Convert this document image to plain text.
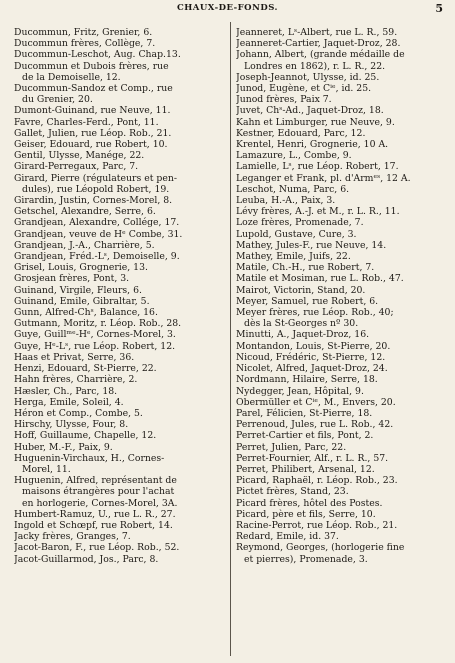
CHAUX-DE-FONDS.	5
Ducommun, Fritz, Grenier, 6.
Ducommun frères, Collège, 7.
Ducommun-Leschot, Aug. Chap.13.
Ducommun et Dubois frères, rue
de la Demoiselle, 12.
Ducommun-Sandoz et Comp., rue
du Grenier, 20.
Dumont-Guinand, rue Neuve, 11.
Favre, Charles-Ferd., Pont, 11.
Gallet, Julien, rue Léop. Rob., 21.
Geiser, Edouard, rue Robert, 10.
Gentil, Ulysse, Manége, 22.
Girard-Perregaux, Parc, 7.
Girard, Pierre (régulateurs et pen-
dules), rue Léopold Robert, 19.
Girardin, Justin, Cornes-Morel, 8.
Getschel, Alexandre, Serre, 6.
Grandjean, Alexandre, Collége, 17.
Grandjean, veuve de Hᵉ Combe, 31.
Grandjean, J.-A., Charrière, 5.
Grandjean, Fréd.-Lˢ, Demoiselle, 9.
Grisel, Louis, Grognerie, 13.
Grosjean frères, Pont, 3.
Guinand, Virgile, Fleurs, 6.
Guinand, Emile, Gibraltar, 5.
Gunn, Alfred-Chˢ, Balance, 16.
Gutmann, Moritz, r. Léop. Rob., 28.
Guye, Guillᵐᵉ-Hᵉ, Cornes-Morel, 3.
Guye, Hᵉ-Lˢ, rue Léop. Robert, 12.
Haas et Privat, Serre, 36.
Henzi, Edouard, St-Pierre, 22.
Hahn frères, Charrière, 2.
Hæsler, Ch., Parc, 18.
Herga, Emile, Soleil, 4.
Héron et Comp., Combe, 5.
Hirschy, Ulysse, Four, 8.
Hoff, Guillaume, Chapelle, 12.
Huber, M.-F., Paix, 9.
Huguenin-Virchaux, H., Cornes-
Morel, 11.
Huguenin, Alfred, représentant de
maisons étrangères pour l'achat
en horlogerie, Cornes-Morel, 3A.
Humbert-Ramuz, U., rue L. R., 27.
Ingold et Schœpf, rue Robert, 14.
Jacky frères, Granges, 7.
Jacot-Baron, F., rue Léop. Rob., 52.
Jacot-Guillarmod, Jos., Parc, 8.
Jeanneret, Lˢ-Albert, rue L. R., 59.
Jeanneret-Cartier, Jaquet-Droz, 28.
Johann, Albert, (grande médaille de
Londres en 1862), r. L. R., 22.
Joseph-Jeannot, Ulysse, id. 25.
Junod, Eugène, et Cⁱᵉ, id. 25.
Junod frères, Paix 7.
Juvet, Chˢ-Ad., Jaquet-Droz, 18.
Kahn et Limburger, rue Neuve, 9.
Kestner, Edouard, Parc, 12.
Krentel, Henri, Grognerie, 10 A.
Lamazure, L., Combe, 9.
Lamielle, Lˢ, rue Léop. Robert, 17.
Leganger et Frank, pl. d'Armᵉˢ, 12 A.
Leschot, Numa, Parc, 6.
Leuba, H.-A., Paix, 3.
Lévy frères, A.-J. et M., r. L. R., 11.
Loze frères, Promenade, 7.
Lupold, Gustave, Cure, 3.
Mathey, Jules-F., rue Neuve, 14.
Mathey, Emile, Juifs, 22.
Matile, Ch.-H., rue Robert, 7.
Matile et Mosiman, rue L. Rob., 47.
Mairot, Victorin, Stand, 20.
Meyer, Samuel, rue Robert, 6.
Meyer frères, rue Léop. Rob., 40;
dès la St-Georges nº 30.
Minutti, A., Jaquet-Droz, 16.
Montandon, Louis, St-Pierre, 20.
Nicoud, Frédéric, St-Pierre, 12.
Nicolet, Alfred, Jaquet-Droz, 24.
Nordmann, Hilaire, Serre, 18.
Nydegger, Jean, Hôpital, 9.
Obermüller et Cⁱᵉ, M., Envers, 20.
Parel, Félicien, St-Pierre, 18.
Perrenoud, Jules, rue L. Rob., 42.
Perret-Cartier et fils, Pont, 2.
Perret, Julien, Parc, 22.
Perret-Fournier, Alf., r. L. R., 57.
Perret, Philibert, Arsenal, 12.
Picard, Raphaël, r. Léop. Rob., 23.
Pictet frères, Stand, 23.
Picard frères, hôtel des Postes.
Picard, père et fils, Serre, 10.
Racine-Perrot, rue Léop. Rob., 21.
Redard, Emile, id. 37.
Reymond, Georges, (horlogerie fine
et pierres), Promenade, 3.
